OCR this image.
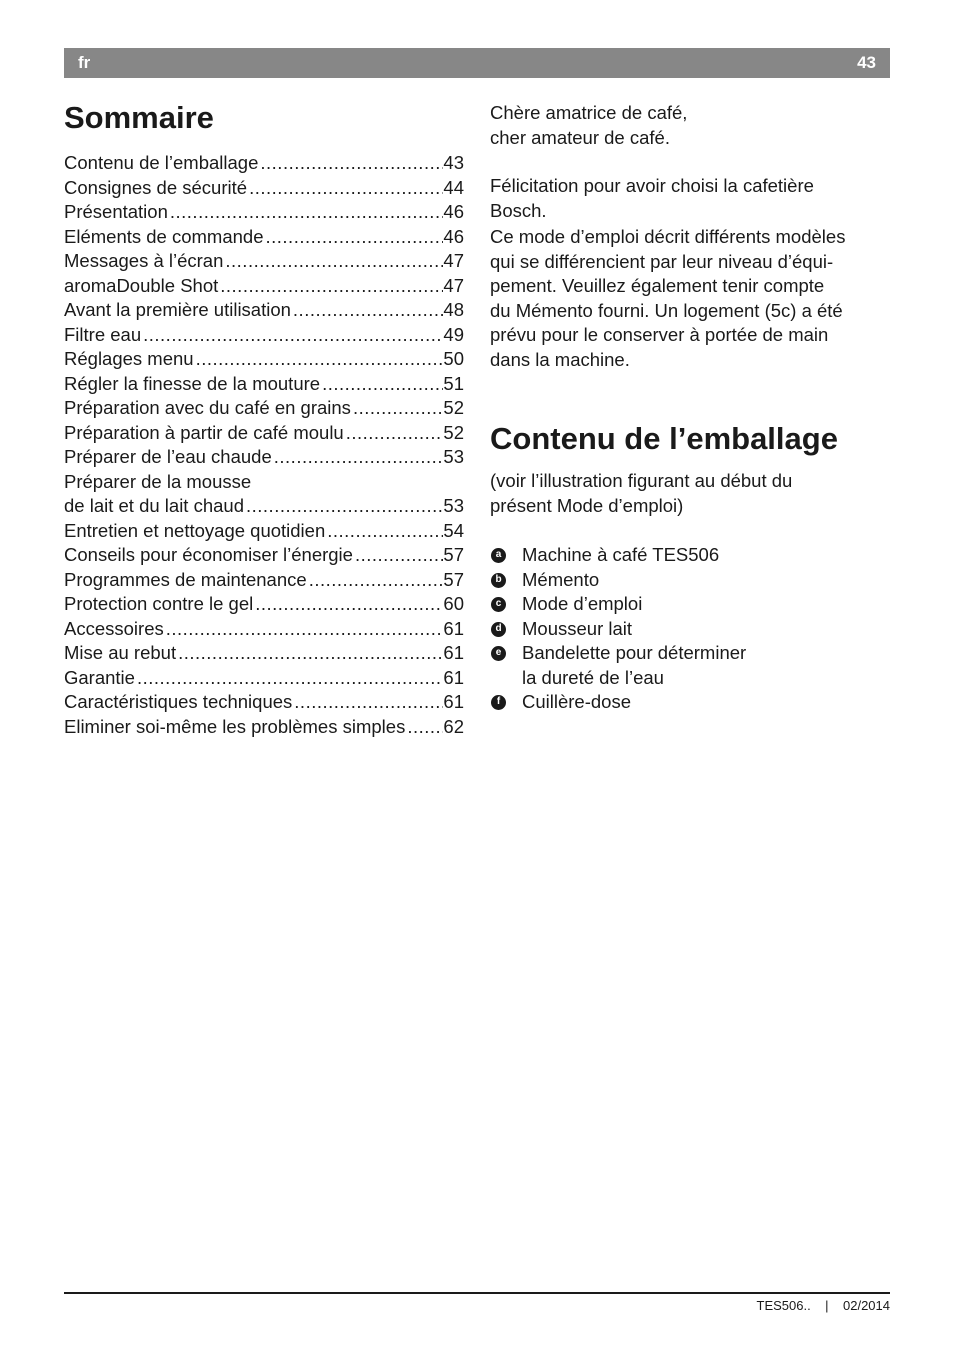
fr	43
Sommaire
Contenu de l’emballage .....	43
Consignes de sécurité .....	44
Présentation .....	46
Eléments de commande .....	46
Messages à l’écran .....	47
aromaDouble Shot .....	47
Avant la première utilisation .....	48
Filtre eau .....	49
Réglages menu .....	50
Régler la finesse de la mouture .....	51
Préparation avec du café en grains .....	52
Préparation à partir de café moulu .....	52
Préparer de l’eau chaude .....	53
Préparer de la mousse
de lait et du lait chaud .....	53
Entretien et nettoyage quotidien .....	54
Conseils pour économiser l’énergie .....	57
Programmes de maintenance .....	57
Protection contre le gel .....	60
Accessoires .....	61
Mise au rebut .....	61
Garantie .....	61
Caractéristiques techniques .....	61
Eliminer soi-même les problèmes simples ..... 62

Chère amatrice de café,
cher amateur de café.

Félicitation pour avoir choisi la cafetière
Bosch.

Ce mode d’emploi décrit différents modèles
qui se différencient par leur niveau d’équi-
pement. Veuillez également tenir compte
du Mémento fourni. Un logement (5c) a été
prévu pour le conserver à portée de main
dans la machine.

Contenu de l’emballage

(voir l’illustration figurant au début du
présent Mode d’emploi)

a Machine à café TES506
b Mémento
c Mode d’emploi
d Mousseur lait
e Bandelette pour déterminer
la dureté de l’eau
f	Cuillère-dose
TES506.. | 02/2014
